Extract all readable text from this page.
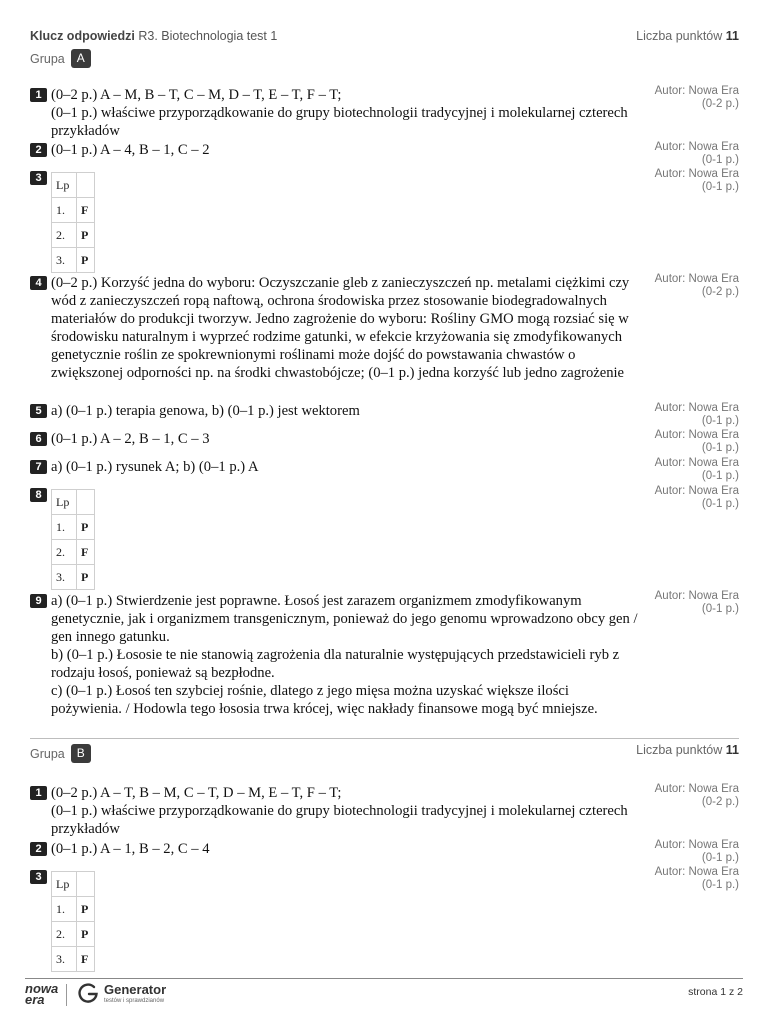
Klucz odpowiedzi R3. Biotechnologia test 1	Liczba punktów 11
Grupa A
1 (0–2 p.) A – M, B – T, C – M, D – T, E – T, F – T;
(0–1 p.) właściwe przyporządkowanie do grupy biotechnologii tradycyjnej i molekularnej czterech przykładów
Autor: Nowa Era
(0-2 p.)
2 (0–1 p.) A – 4, B – 1, C – 2	Autor: Nowa Era
(0-1 p.)
3	Autor: Nowa Era
(0-1 p.)
Lp	
1.	F
2.	P
3.	P
4 (0–2 p.) Korzyść jedna do wyboru: Oczyszczanie gleb z zanieczyszczeń np. metalami ciężkimi czy wód z zanieczyszczeń ropą naftową, ochrona środowiska przez stosowanie biodegradowalnych materiałów do produkcji tworzyw. Jedno zagrożenie do wyboru: Rośliny GMO mogą rozsiać się w środowisku naturalnym i wyprzeć rodzime gatunki, w efekcie krzyżowania się zmodyfikowanych genetycznie roślin ze spokrewnionymi roślinami może dojść do powstawania chwastów o zwiększonej odporności np. na środki chwastobójcze; (0–1 p.) jedna korzyść lub jedno zagrożenie
Autor: Nowa Era
(0-2 p.)
5 a) (0–1 p.) terapia genowa, b) (0–1 p.) jest wektorem	Autor: Nowa Era
(0-1 p.)
6 (0–1 p.) A – 2, B – 1, C – 3	Autor: Nowa Era
(0-1 p.)
7 a) (0–1 p.) rysunek A; b) (0–1 p.) A	Autor: Nowa Era
(0-1 p.)
8	Autor: Nowa Era
(0-1 p.)
Lp	
1.	P
2.	F
3.	P
9 a) (0–1 p.) Stwierdzenie jest poprawne. Łosoś jest zarazem organizmem zmodyfikowanym genetycznie, jak i organizmem transgenicznym, ponieważ do jego genomu wprowadzono obcy gen / gen innego gatunku.
b) (0–1 p.) Łososie te nie stanowią zagrożenia dla naturalnie występujących przedstawicieli ryb z rodzaju łosoś, ponieważ są bezpłodne.
c) (0–1 p.) Łosoś ten szybciej rośnie, dlatego z jego mięsa można uzyskać większe ilości pożywienia. / Hodowla tego łososia trwa krócej, więc nakłady finansowe mogą być mniejsze.
Autor: Nowa Era
(0-1 p.)
Grupa B	Liczba punktów 11
1 (0–2 p.) A – T, B – M, C – T, D – M, E – T, F – T;
(0–1 p.) właściwe przyporządkowanie do grupy biotechnologii tradycyjnej i molekularnej czterech przykładów
Autor: Nowa Era
(0-2 p.)
2 (0–1 p.) A – 1, B – 2, C – 4	Autor: Nowa Era
(0-1 p.)
3	Autor: Nowa Era
(0-1 p.)
Lp	
1.	P
2.	P
3.	F
nowa
era
Generator
testów i sprawdzianów
strona 1 z 2
